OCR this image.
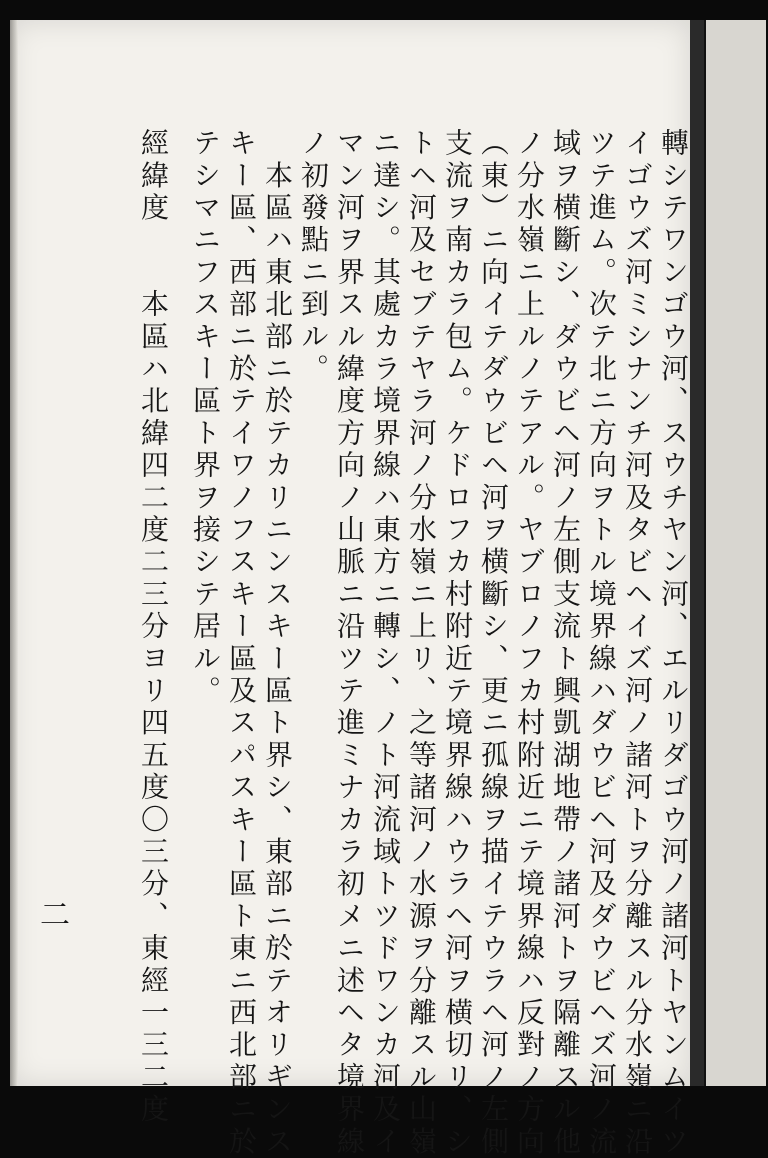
轉シテワンゴウ河、スウチヤン河、エルリダゴウ河ノ諸河トヤンムイツ
イゴウズ河ミシナンチ河及タビヘイズ河ノ諸河トヲ分離スル分水嶺ニ沿
ツテ進ム。次テ北ニ方向ヲトル境界線ハダウビヘ河及ダウビヘズ河ノ流
域ヲ横斷シ、ダウビヘ河ノ左側支流ト興凱湖地帶ノ諸河トヲ隔離スル他
ノ分水嶺ニ上ルノテアル。ヤブロノフカ村附近ニテ境界線ハ反對ノ方向
（東）ニ向イテダウビヘ河ヲ横斷シ、更ニ孤線ヲ描イテウラヘ河ノ左側
支流ヲ南カラ包ム。ケドロフカ村附近テ境界線ハウラヘ河ヲ横切リ、シ
トヘ河及セブテヤラ河ノ分水嶺ニ上リ、之等諸河ノ水源ヲ分離スル山嶺
ニ達シ。其處カラ境界線ハ東方ニ轉シ、ノト河流域トツドワンカ河及イ
マン河ヲ界スル緯度方向ノ山脈ニ沿ツテ進ミナカラ初メニ述ヘタ境界線
ノ初發點ニ到ル。
　本區ハ東北部ニ於テカリニンスキー區ト界シ、東部ニ於テオリギンス
キー區、西部ニ於テイワノフスキー區及スパスキー區ト東ニ西北部ニ於
テシマニフスキー區ト界ヲ接シテ居ル。
經緯度　　本區ハ北緯四二度二三分ヨリ四五度〇三分、東經一三二度
二
